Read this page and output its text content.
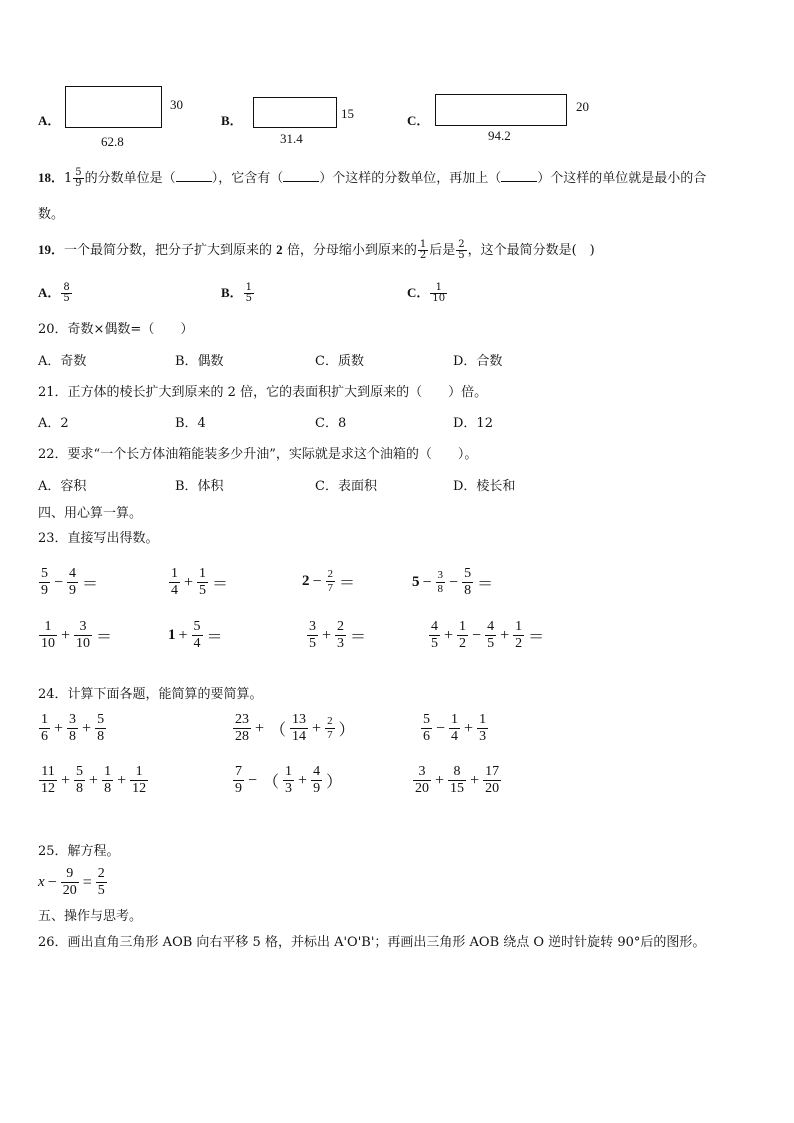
A．
30
62.8
B．	15
31.4
C．
20
94.2
18．$1 \frac{5}{9}$ 的分数单位是（	），它含有（	）个这样的分数单位，再加上（	）个这样的单位就是最小的合
数。
19．一个最简分数，把分子扩大到原来的 2 倍，分母缩小到原来的 $\frac{1}{2}$ 后是 $\frac{2}{5}$ ，这个最简分数是(　)
A． $\frac{8}{5}$	B． $\frac{1}{5}$	C． $\frac{1}{10}$
20．奇数×偶数=（　　）
A．奇数	B．偶数	C．质数	D．合数
21．正方体的棱长扩大到原来的 2 倍，它的表面积扩大到原来的（　　）倍。
A．2	B．4	C．8	D．12
22．要求“一个长方体油箱能装多少升油”，实际就是求这个油箱的（　　）。
A．容积	B．体积	C．表面积	D．棱长和
四、用心算一算。
23．直接写出得数。
$\frac{5}{9} - \frac{4}{9}$ ＝	$\frac{1}{4} + \frac{1}{5}$ ＝	$2 - \frac{2}{7}$ ＝	$5 - \frac{3}{8} - \frac{5}{8}$ ＝
$\frac{1}{10} + \frac{3}{10}$ ＝	$1 + \frac{5}{4}$ ＝	$\frac{3}{5} + \frac{2}{3}$ ＝	$\frac{4}{5} + \frac{1}{2} - \frac{4}{5} + \frac{1}{2}$ ＝
24．计算下面各题，能简算的要简算。
$\frac{1}{6} + \frac{3}{8} + \frac{5}{8}$	$\frac{23}{28}$ + （ $\frac{13}{14} + \frac{2}{7}$ ）	$\frac{5}{6} - \frac{1}{4} + \frac{1}{3}$
$\frac{11}{12} + \frac{5}{8} + \frac{1}{8} + \frac{1}{12}$	$\frac{7}{9}$ − （ $\frac{1}{3} + \frac{4}{9}$ ）	$\frac{3}{20} + \frac{8}{15} + \frac{17}{20}$
25．解方程。
$x - \frac{9}{20} = \frac{2}{5}$
五、操作与思考。
26．画出直角三角形 AOB 向右平移 5 格，并标出 A'O'B'；再画出三角形 AOB 绕点 O 逆时针旋转 90°后的图形。
